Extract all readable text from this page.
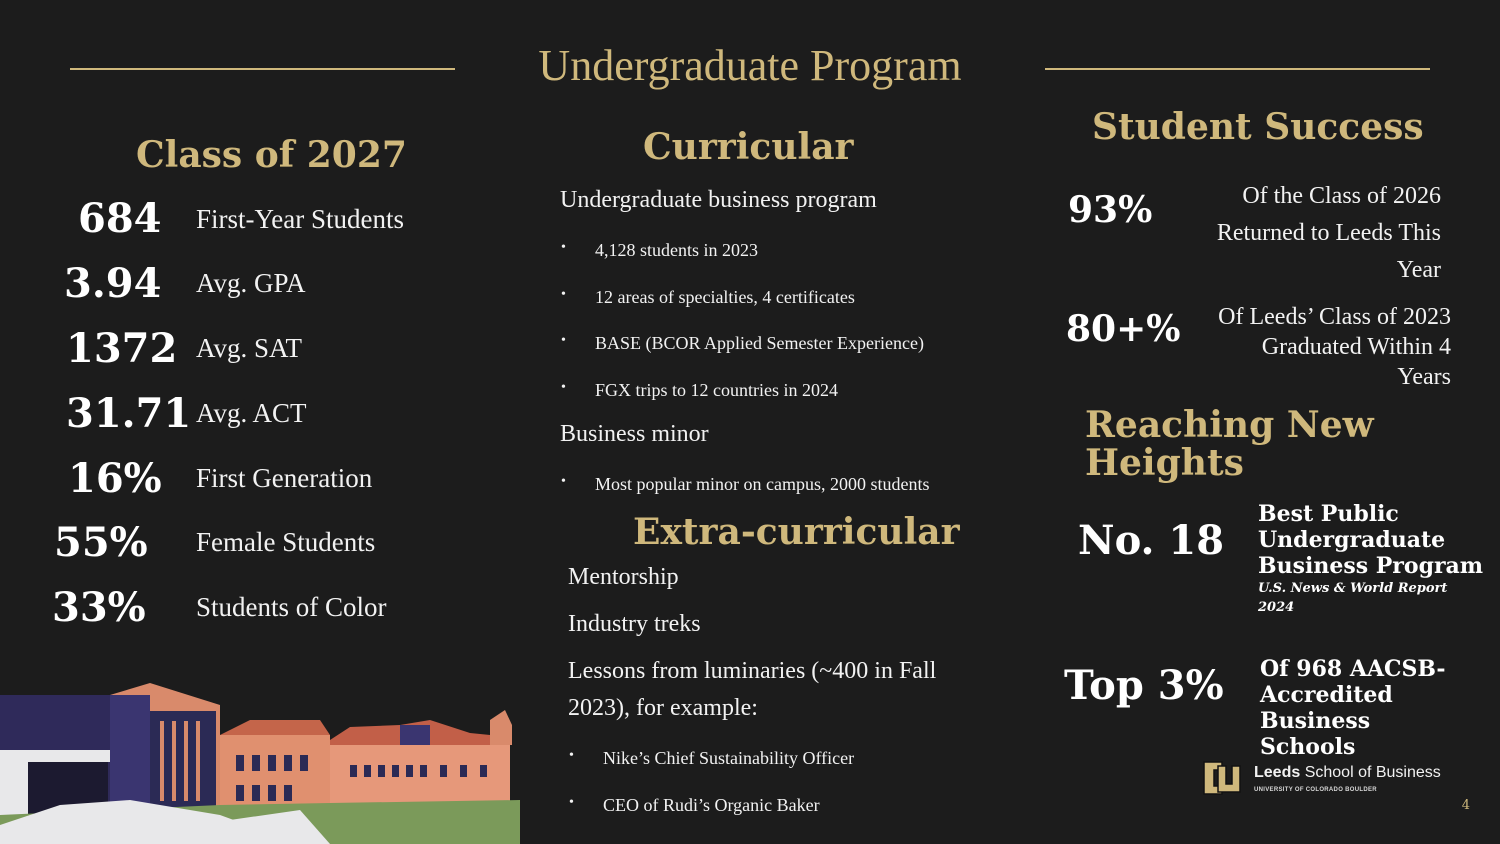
Undergraduate Program
Class of 2027
684 First-Year Students
3.94 Avg. GPA
1372 Avg. SAT
31.71 Avg. ACT
16% First Generation
55% Female Students
33% Students of Color
Curricular
Undergraduate business program
• 4,128 students in 2023
• 12 areas of specialties, 4 certificates
• BASE (BCOR Applied Semester Experience)
• FGX trips to 12 countries in 2024
Business minor
• Most popular minor on campus, 2000 students
Extra-curricular
Mentorship
Industry treks
Lessons from luminaries (~400 in Fall
2023), for example:
• Nike’s Chief Sustainability Officer
• CEO of Rudi’s Organic Baker
Student Success
93%	Of the Class of 2026
Returned to Leeds This
Year
80+%	Of Leeds’ Class of 2023
Graduated Within 4
Years
Reaching New
Heights
No. 18
Best Public
Undergraduate
Business Program
U.S. News & World Report
2024
Top 3% Of 968 AACSB-
Accredited Business
Schools
Leeds School of Business
UNIVERSITY OF COLORADO BOULDER
4
